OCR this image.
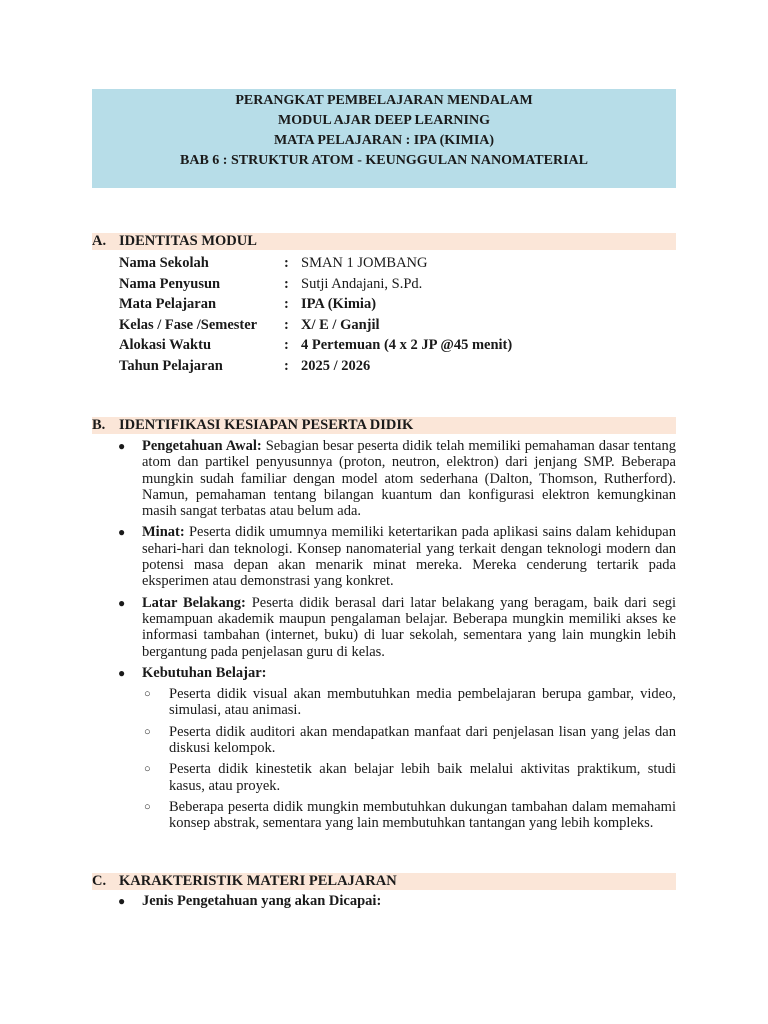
PERANGKAT PEMBELAJARAN MENDALAM
MODUL AJAR DEEP LEARNING
MATA PELAJARAN : IPA (KIMIA)
BAB 6 : STRUKTUR ATOM - KEUNGGULAN NANOMATERIAL
A. IDENTITAS MODUL
Nama Sekolah	: SMAN 1 JOMBANG
Nama Penyusun	: Sutji Andajani, S.Pd.
Mata Pelajaran	: IPA (Kimia)
Kelas / Fase /Semester : X/ E / Ganjil
Alokasi Waktu	: 4 Pertemuan (4 x 2 JP @45 menit)
Tahun Pelajaran	: 2025 / 2026
B. IDENTIFIKASI KESIAPAN PESERTA DIDIK
● Pengetahuan Awal: Sebagian besar peserta didik telah memiliki pemahaman dasar tentang atom dan partikel penyusunnya (proton, neutron, elektron) dari jenjang SMP. Beberapa mungkin sudah familiar dengan model atom sederhana (Dalton, Thomson, Rutherford). Namun, pemahaman tentang bilangan kuantum dan konfigurasi elektron kemungkinan masih sangat terbatas atau belum ada.
● Minat: Peserta didik umumnya memiliki ketertarikan pada aplikasi sains dalam kehidupan sehari-hari dan teknologi. Konsep nanomaterial yang terkait dengan teknologi modern dan potensi masa depan akan menarik minat mereka. Mereka cenderung tertarik pada eksperimen atau demonstrasi yang konkret.
● Latar Belakang: Peserta didik berasal dari latar belakang yang beragam, baik dari segi kemampuan akademik maupun pengalaman belajar. Beberapa mungkin memiliki akses ke informasi tambahan (internet, buku) di luar sekolah, sementara yang lain mungkin lebih bergantung pada penjelasan guru di kelas.
● Kebutuhan Belajar:
○ Peserta didik visual akan membutuhkan media pembelajaran berupa gambar, video, simulasi, atau animasi.
○ Peserta didik auditori akan mendapatkan manfaat dari penjelasan lisan yang jelas dan diskusi kelompok.
○ Peserta didik kinestetik akan belajar lebih baik melalui aktivitas praktikum, studi kasus, atau proyek.
○ Beberapa peserta didik mungkin membutuhkan dukungan tambahan dalam memahami konsep abstrak, sementara yang lain membutuhkan tantangan yang lebih kompleks.
C. KARAKTERISTIK MATERI PELAJARAN
● Jenis Pengetahuan yang akan Dicapai:
